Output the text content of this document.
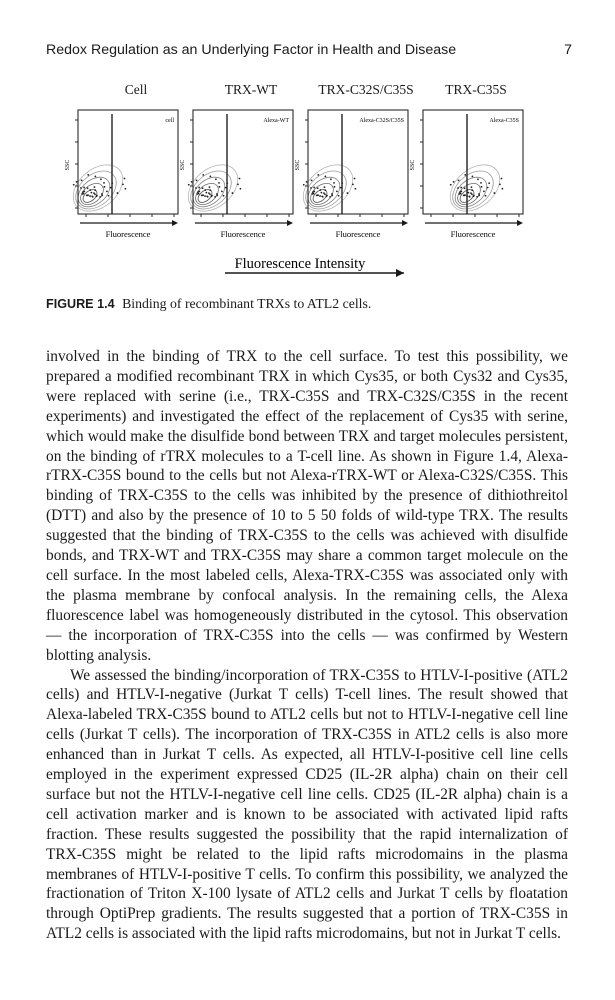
Redox Regulation as an Underlying Factor in Health and Disease	7
Cell	TRX-WT	TRX-C32S/C35S TRX-C35S
cell
SSC
Fluorescence
Alexa-WT
SSC
Fluorescence
Alexa-C32S/C35S
SSC
Fluorescence
Alexa-C35S
SSC
Fluorescence
Fluorescence Intensity
FIGURE 1.4 Binding of recombinant TRXs to ATL2 cells.

involved in the binding of TRX to the cell surface. To test this possibility, we prepared a modified recombinant TRX in which Cys35, or both Cys32 and Cys35, were replaced with serine (i.e., TRX-C35S and TRX-C32S/C35S in the recent experiments) and investigated the effect of the replacement of Cys35 with serine, which would make the disulfide bond between TRX and target molecules persistent, on the binding of rTRX molecules to a T-cell line. As shown in Figure 1.4, Alexa-rTRX-C35S bound to the cells but not Alexa-rTRX-WT or Alexa-C32S/C35S. This binding of TRX-C35S to the cells was inhibited by the presence of dithiothreitol (DTT) and also by the presence of 10 to 5 50 folds of wild-type TRX. The results suggested that the binding of TRX-C35S to the cells was achieved with disulfide bonds, and TRX-WT and TRX-C35S may share a common target molecule on the cell surface. In the most labeled cells, Alexa-TRX-C35S was associated only with the plasma membrane by confocal analysis. In the remaining cells, the Alexa fluorescence label was homogeneously distributed in the cytosol. This observation — the incorporation of TRX-C35S into the cells — was confirmed by Western blotting analysis.

We assessed the binding/incorporation of TRX-C35S to HTLV-I-positive (ATL2 cells) and HTLV-I-negative (Jurkat T cells) T-cell lines. The result showed that Alexa-labeled TRX-C35S bound to ATL2 cells but not to HTLV-I-negative cell line cells (Jurkat T cells). The incorporation of TRX-C35S in ATL2 cells is also more enhanced than in Jurkat T cells. As expected, all HTLV-I-positive cell line cells employed in the experiment expressed CD25 (IL-2R alpha) chain on their cell surface but not the HTLV-I-negative cell line cells. CD25 (IL-2R alpha) chain is a cell activation marker and is known to be associated with activated lipid rafts fraction. These results suggested the possibility that the rapid internalization of TRX-C35S might be related to the lipid rafts microdomains in the plasma membranes of HTLV-I-positive T cells. To confirm this possibility, we analyzed the fractionation of Triton X-100 lysate of ATL2 cells and Jurkat T cells by floatation through OptiPrep gradients. The results suggested that a portion of TRX-C35S in ATL2 cells is associated with the lipid rafts microdomains, but not in Jurkat T cells.
